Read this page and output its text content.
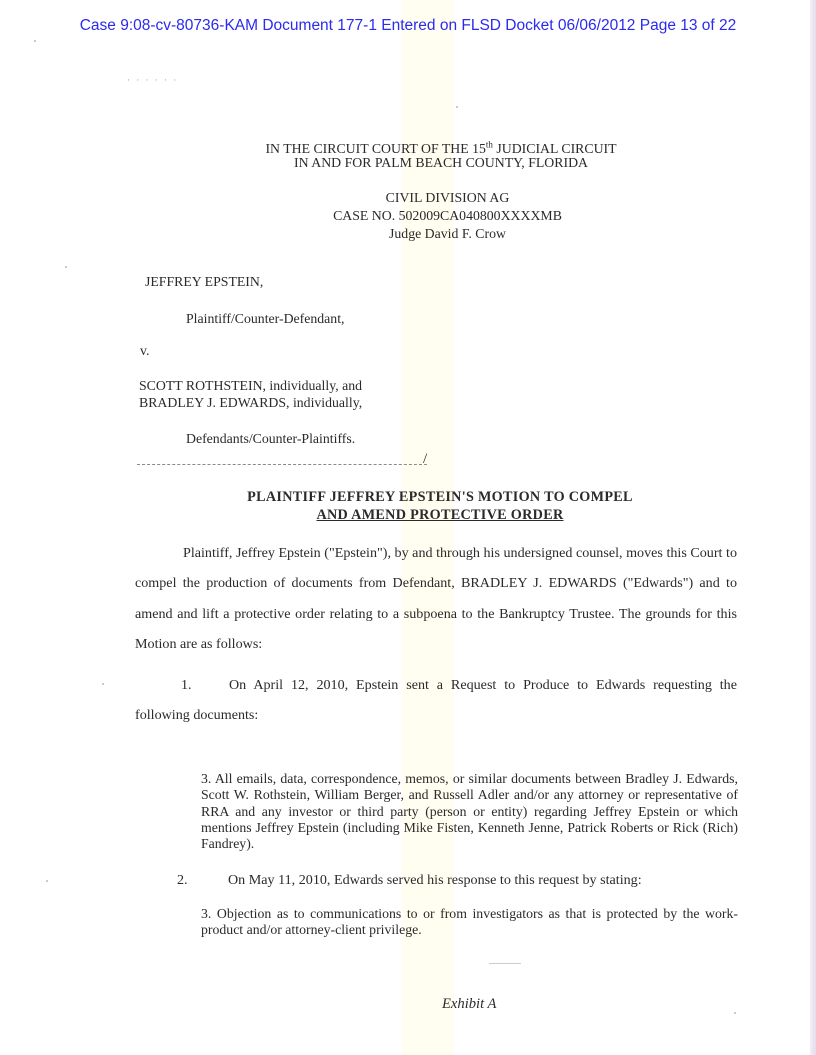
Case 9:08-cv-80736-KAM Document 177-1 Entered on FLSD Docket 06/06/2012 Page 13 of 22
· · · · · ·
IN THE CIRCUIT COURT OF THE 15th JUDICIAL CIRCUIT
IN AND FOR PALM BEACH COUNTY, FLORIDA
CIVIL DIVISION AG
CASE NO. 502009CA040800XXXXMB
Judge David F. Crow
JEFFREY EPSTEIN,
Plaintiff/Counter-Defendant,
v.
SCOTT ROTHSTEIN, individually, and
BRADLEY J. EDWARDS, individually,
Defendants/Counter-Plaintiffs.
/
PLAINTIFF JEFFREY EPSTEIN'S MOTION TO COMPEL
AND AMEND PROTECTIVE ORDER
Plaintiff, Jeffrey Epstein ("Epstein"), by and through his undersigned counsel, moves this Court to compel the production of documents from Defendant, BRADLEY J. EDWARDS ("Edwards") and to amend and lift a protective order relating to a subpoena to the Bankruptcy Trustee. The grounds for this Motion are as follows:
1.	On April 12, 2010, Epstein sent a Request to Produce to Edwards requesting the following documents:
3. All emails, data, correspondence, memos, or similar documents between Bradley J. Edwards, Scott W. Rothstein, William Berger, and Russell Adler and/or any attorney or representative of RRA and any investor or third party (person or entity) regarding Jeffrey Epstein or which mentions Jeffrey Epstein (including Mike Fisten, Kenneth Jenne, Patrick Roberts or Rick (Rich) Fandrey).
2.	On May 11, 2010, Edwards served his response to this request by stating:
3. Objection as to communications to or from investigators as that is protected by the work-product and/or attorney-client privilege.
Exhibit A
